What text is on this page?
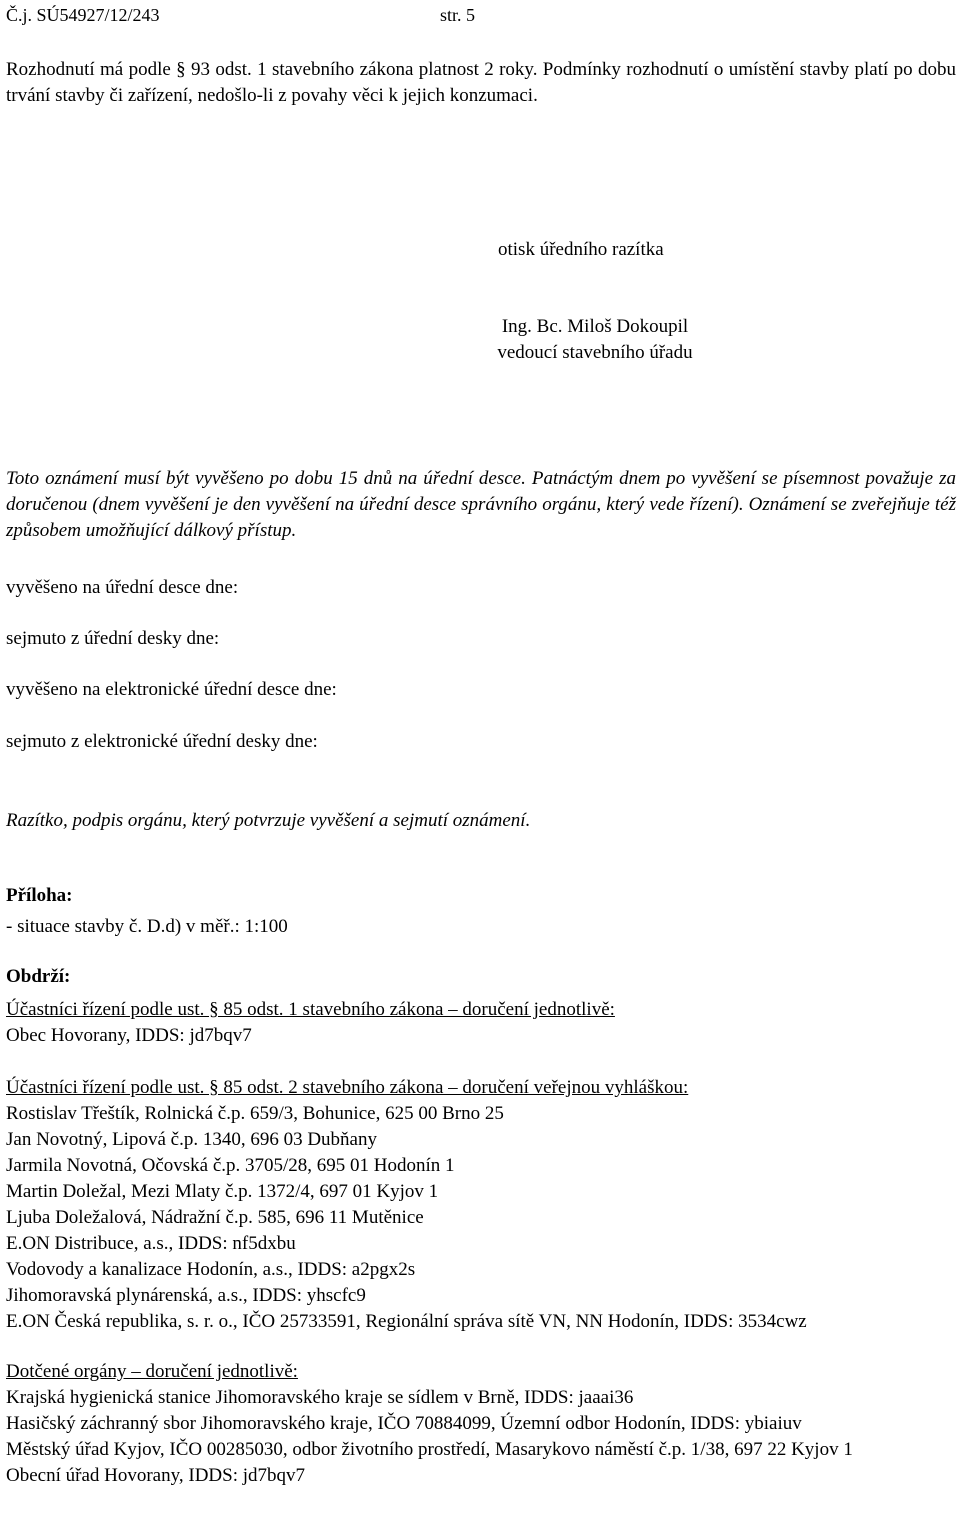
Č.j. SÚ54927/12/243	str. 5
Rozhodnutí má podle § 93 odst. 1 stavebního zákona platnost 2 roky. Podmínky rozhodnutí o umístění stavby platí po dobu trvání stavby či zařízení, nedošlo-li z povahy věci k jejich konzumaci.
otisk úředního razítka
Ing. Bc. Miloš Dokoupil
vedoucí stavebního úřadu
Toto oznámení musí být vyvěšeno po dobu 15 dnů na úřední desce. Patnáctým dnem po vyvěšení se písemnost považuje za doručenou (dnem vyvěšení je den vyvěšení na úřední desce správního orgánu, který vede řízení). Oznámení se zveřejňuje též způsobem umožňující dálkový přístup.
vyvěšeno na úřední desce dne:
sejmuto z úřední desky dne:
vyvěšeno na elektronické úřední desce dne:
sejmuto z elektronické úřední desky dne:
Razítko, podpis orgánu, který potvrzuje vyvěšení a sejmutí oznámení.
Příloha:
- situace stavby č. D.d) v měř.: 1:100
Obdrží:
Účastníci řízení podle ust. § 85 odst. 1 stavebního zákona – doručení jednotlivě:
Obec Hovorany, IDDS: jd7bqv7
Účastníci řízení podle ust. § 85 odst. 2 stavebního zákona – doručení veřejnou vyhláškou:
Rostislav Třeštík, Rolnická č.p. 659/3, Bohunice, 625 00 Brno 25
Jan Novotný, Lipová č.p. 1340, 696 03 Dubňany
Jarmila Novotná, Očovská č.p. 3705/28, 695 01 Hodonín 1
Martin Doležal, Mezi Mlaty č.p. 1372/4, 697 01 Kyjov 1
Ljuba Doležalová, Nádražní č.p. 585, 696 11 Mutěnice
E.ON Distribuce, a.s., IDDS: nf5dxbu
Vodovody a kanalizace Hodonín, a.s., IDDS: a2pgx2s
Jihomoravská plynárenská, a.s., IDDS: yhscfc9
E.ON Česká republika, s. r. o., IČO 25733591, Regionální správa sítě VN, NN Hodonín, IDDS: 3534cwz
Dotčené orgány – doručení jednotlivě:
Krajská hygienická stanice Jihomoravského kraje se sídlem v Brně, IDDS: jaaai36
Hasičský záchranný sbor Jihomoravského kraje, IČO 70884099, Územní odbor Hodonín, IDDS: ybiaiuv
Městský úřad Kyjov, IČO 00285030, odbor životního prostředí, Masarykovo náměstí č.p. 1/38, 697 22 Kyjov 1
Obecní úřad Hovorany, IDDS: jd7bqv7
